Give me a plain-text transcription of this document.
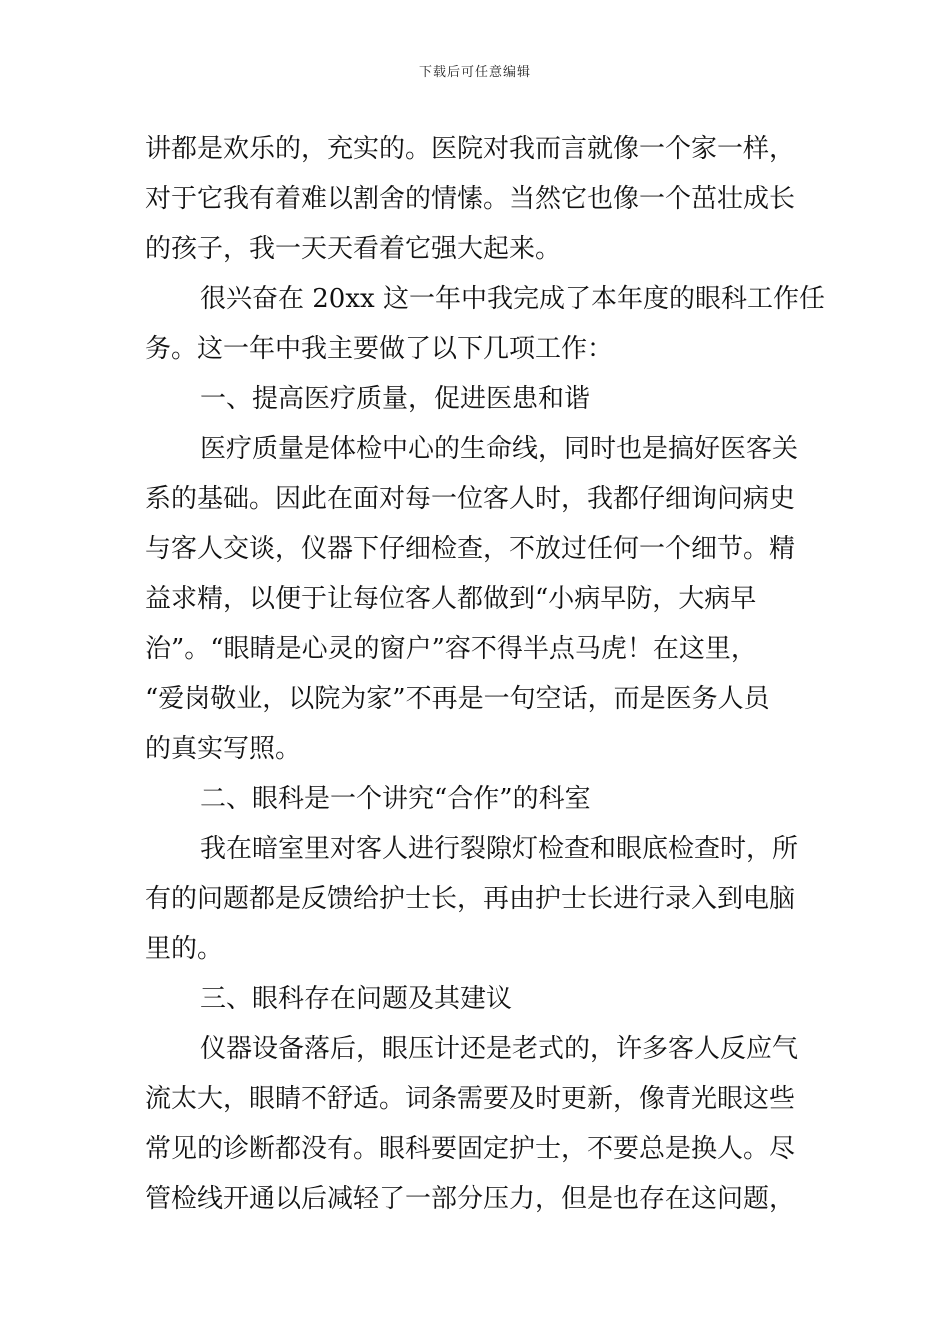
下载后可任意编辑
讲都是欢乐的，充实的。医院对我而言就像一个家一样，
对于它我有着难以割舍的情愫。当然它也像一个茁壮成长
的孩子，我一天天看着它强大起来。
很兴奋在 20xx 这一年中我完成了本年度的眼科工作任
务。这一年中我主要做了以下几项工作：
一、提高医疗质量，促进医患和谐
医疗质量是体检中心的生命线，同时也是搞好医客关
系的基础。因此在面对每一位客人时，我都仔细询问病史
与客人交谈，仪器下仔细检查，不放过任何一个细节。精
益求精，以便于让每位客人都做到“小病早防，大病早
治”。“眼睛是心灵的窗户”容不得半点马虎！在这里，
“爱岗敬业，以院为家”不再是一句空话，而是医务人员
的真实写照。
二、眼科是一个讲究“合作”的科室
我在暗室里对客人进行裂隙灯检查和眼底检查时，所
有的问题都是反馈给护士长，再由护士长进行录入到电脑
里的。
三、眼科存在问题及其建议
仪器设备落后，眼压计还是老式的，许多客人反应气
流太大，眼睛不舒适。词条需要及时更新，像青光眼这些
常见的诊断都没有。眼科要固定护士，不要总是换人。尽
管检线开通以后减轻了一部分压力，但是也存在这问题，
